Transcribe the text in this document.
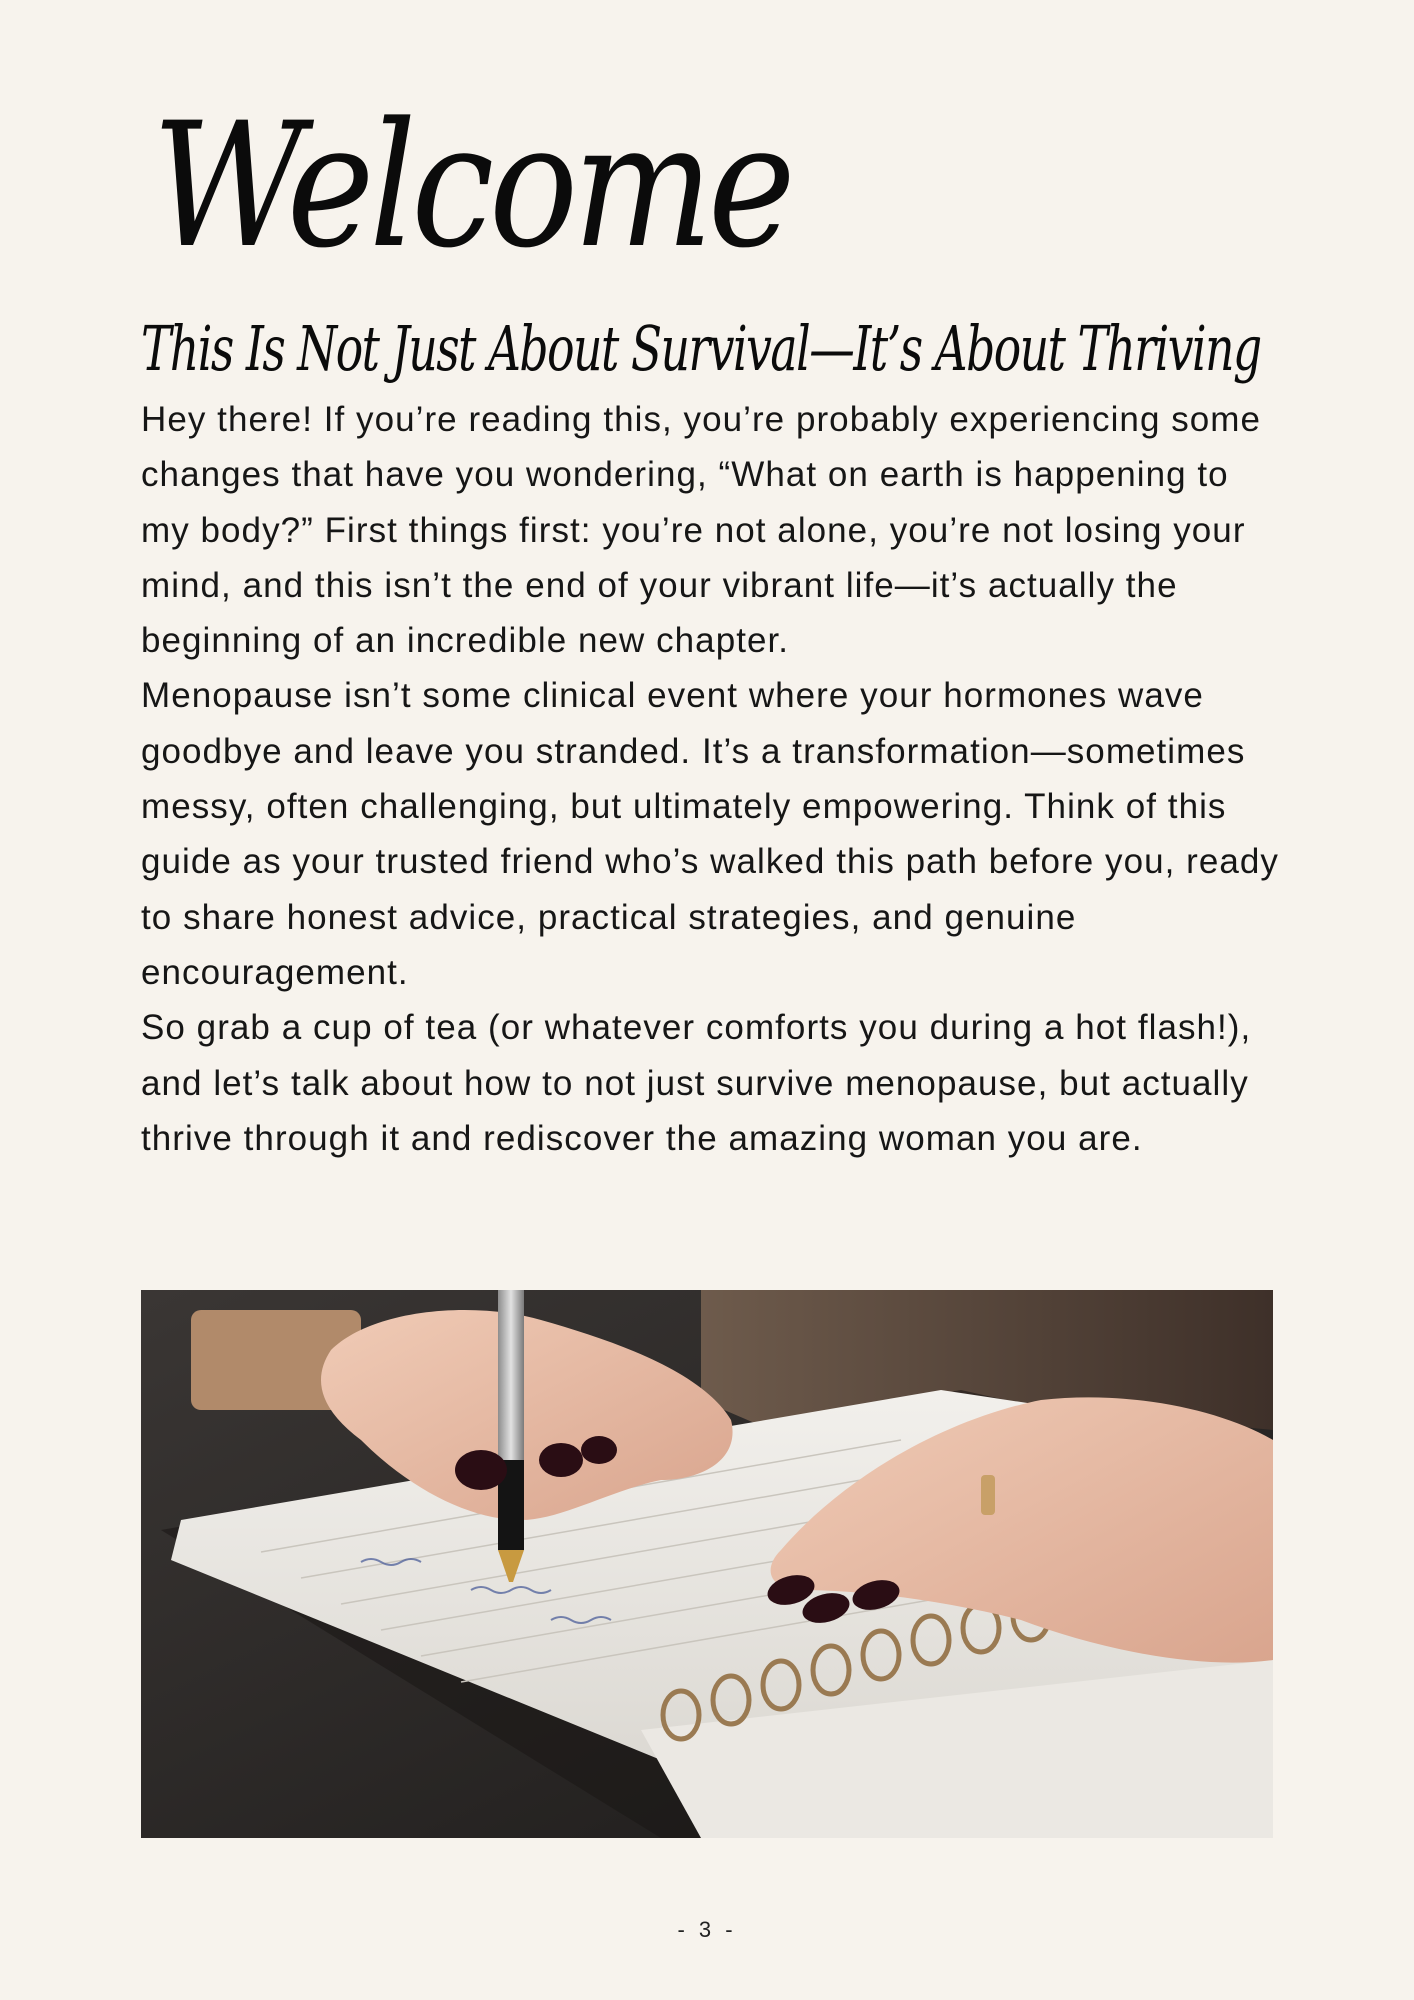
Welcome
This Is Not Just About Survival—It’s About Thriving

Hey there! If you’re reading this, you’re probably experiencing some changes that have you wondering, “What on earth is happening to my body?” First things first: you’re not alone, you’re not losing your mind, and this isn’t the end of your vibrant life—it’s actually the beginning of an incredible new chapter.

Menopause isn’t some clinical event where your hormones wave goodbye and leave you stranded. It’s a transformation—sometimes messy, often challenging, but ultimately empowering. Think of this guide as your trusted friend who’s walked this path before you, ready to share honest advice, practical strategies, and genuine encouragement.

So grab a cup of tea (or whatever comforts you during a hot flash!), and let’s talk about how to not just survive menopause, but actually thrive through it and rediscover the amazing woman you are.

- 3 -
